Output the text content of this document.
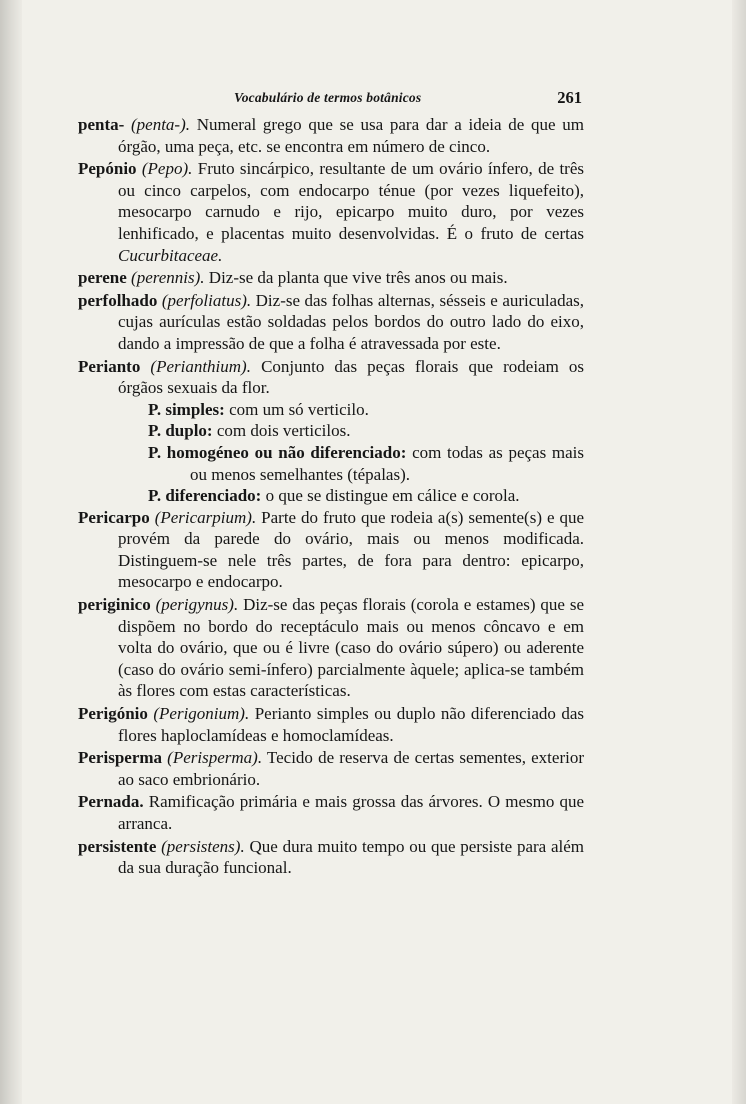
Vocabulário de termos botânicos	261

penta- (penta-). Numeral grego que se usa para dar a ideia de que um órgão, uma peça, etc. se encontra em número de cinco.

Pepónio (Pepo). Fruto sincárpico, resultante de um ovário ínfero, de três ou cinco carpelos, com endocarpo ténue (por vezes liquefeito), mesocarpo carnudo e rijo, epicarpo muito duro, por vezes lenhificado, e placentas muito desenvolvidas. É o fruto de certas Cucurbitaceae.

perene (perennis). Diz-se da planta que vive três anos ou mais.

perfolhado (perfoliatus). Diz-se das folhas alternas, sésseis e auriculadas, cujas aurículas estão soldadas pelos bordos do outro lado do eixo, dando a impressão de que a folha é atravessada por este.

Perianto (Perianthium). Conjunto das peças florais que rodeiam os órgãos sexuais da flor.

P. simples: com um só verticilo.

P. duplo: com dois verticilos.

P. homogéneo ou não diferenciado: com todas as peças mais ou menos semelhantes (tépalas).

P. diferenciado: o que se distingue em cálice e corola.

Pericarpo (Pericarpium). Parte do fruto que rodeia a(s) semente(s) e que provém da parede do ovário, mais ou menos modificada. Distinguem-se nele três partes, de fora para dentro: epicarpo, mesocarpo e endocarpo.

periginico (perigynus). Diz-se das peças florais (corola e estames) que se dispõem no bordo do receptáculo mais ou menos côncavo e em volta do ovário, que ou é livre (caso do ovário súpero) ou aderente (caso do ovário semi-ínfero) parcialmente àquele; aplica-se também às flores com estas características.

Perigónio (Perigonium). Perianto simples ou duplo não diferenciado das flores haploclamídeas e homoclamídeas.

Perisperma (Perisperma). Tecido de reserva de certas sementes, exterior ao saco embrionário.

Pernada. Ramificação primária e mais grossa das árvores. O mesmo que arranca.

persistente (persistens). Que dura muito tempo ou que persiste para além da sua duração funcional.
